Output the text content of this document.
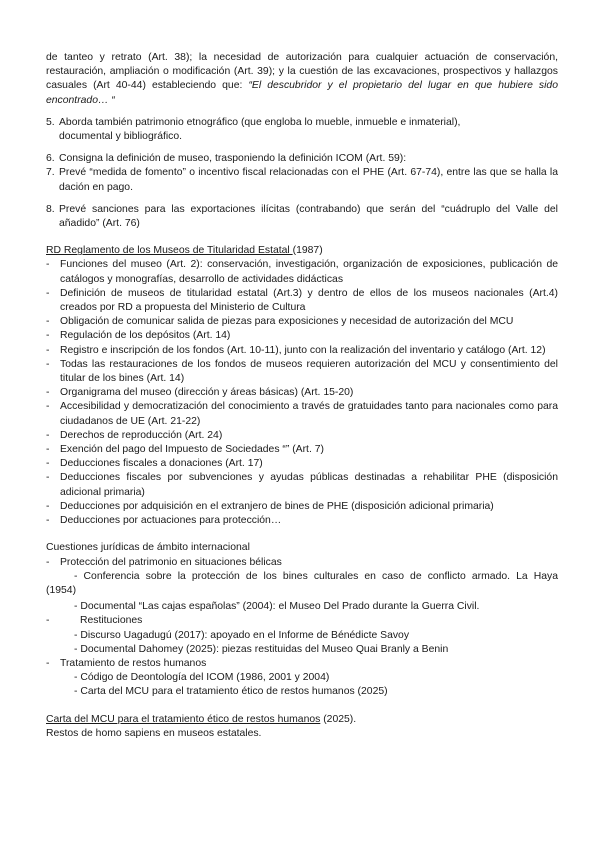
de tanteo y retrato (Art. 38); la necesidad de autorización para cualquier actuación de conservación, restauración, ampliación o modificación (Art. 39); y la cuestión de las excavaciones, prospectivos y hallazgos casuales (Art 40-44) estableciendo que: “El descubridor y el propietario del lugar en que hubiere sido encontrado… “

5. Aborda también patrimonio etnográfico (que engloba lo mueble, inmueble e inmaterial), documental y bibliográfico.

6. Consigna la definición de museo, trasponiendo la definición ICOM (Art. 59):

7. Prevé “medida de fomento” o incentivo fiscal relacionadas con el PHE (Art. 67-74), entre las que se halla la dación en pago.

8. Prevé sanciones para las exportaciones ilícitas (contrabando) que serán del “cuádruplo del Valle del añadido” (Art. 76)

RD Reglamento de los Museos de Titularidad Estatal (1987)

- Funciones del museo (Art. 2): conservación, investigación, organización de exposiciones, publicación de catálogos y monografías, desarrollo de actividades didácticas

- Definición de museos de titularidad estatal (Art.3) y dentro de ellos de los museos nacionales (Art.4) creados por RD a propuesta del Ministerio de Cultura

- Obligación de comunicar salida de piezas para exposiciones y necesidad de autorización del MCU

- Regulación de los depósitos (Art. 14)

- Registro e inscripción de los fondos (Art. 10-11), junto con la realización del inventario y catálogo (Art. 12)

- Todas las restauraciones de los fondos de museos requieren autorización del MCU y consentimiento del titular de los bines (Art. 14)

- Organigrama del museo (dirección y áreas básicas) (Art. 15-20)

- Accesibilidad y democratización del conocimiento a través de gratuidades tanto para nacionales como para ciudadanos de UE (Art. 21-22)

- Derechos de reproducción (Art. 24)

- Exención del pago del Impuesto de Sociedades “” (Art. 7)

- Deducciones fiscales a donaciones (Art. 17)

- Deducciones fiscales por subvenciones y ayudas públicas destinadas a rehabilitar PHE (disposición adicional primaria)

- Deducciones por adquisición en el extranjero de bines de PHE (disposición adicional primaria)

- Deducciones por actuaciones para protección…

Cuestiones jurídicas de ámbito internacional

- Protección del patrimonio en situaciones bélicas

- Conferencia sobre la protección de los bines culturales en caso de conflicto armado. La Haya

(1954)

- Documental “Las cajas españolas” (2004): el Museo Del Prado durante la Guerra Civil.

-	Restituciones

- Discurso Uagadugú (2017): apoyado en el Informe de Bénédicte Savoy

- Documental Dahomey (2025): piezas restituidas del Museo Quai Branly a Benin

- Tratamiento de restos humanos

- Código de Deontología del ICOM (1986, 2001 y 2004)

- Carta del MCU para el tratamiento ético de restos humanos (2025)

Carta del MCU para el tratamiento ético de restos humanos (2025).

Restos de homo sapiens en museos estatales.
